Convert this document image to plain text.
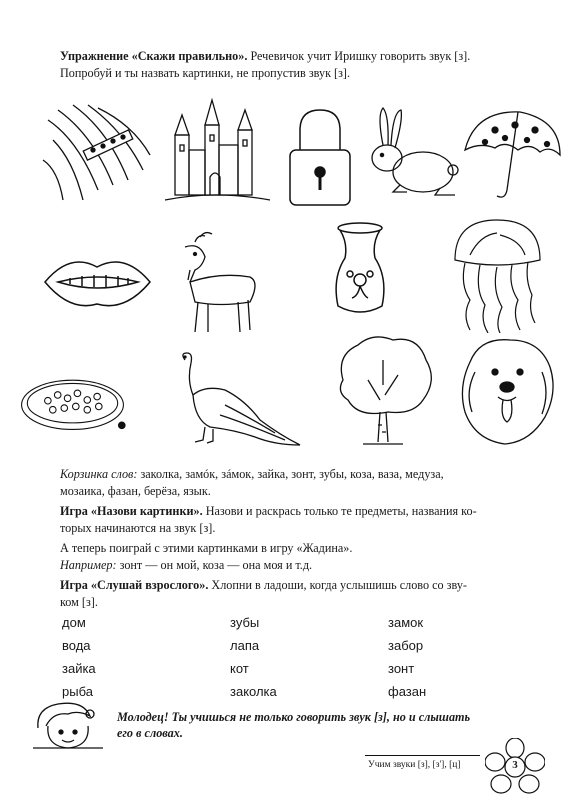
Упражнение «Скажи правильно». Речевичок учит Иришку говорить звук [з].
Попробуй и ты назвать картинки, не пропустив звук [з].
Корзинка слов: заколка, замóк, зáмок, зайка, зонт, зубы, коза, ваза, медуза,
мозаика, фазан, берёза, язык.
Игра «Назови картинки». Назови и раскрась только те предметы, названия ко-
торых начинаются на звук [з].
А теперь поиграй с этими картинками в игру «Жадина».
Например: зонт — он мой, коза — она моя и т.д.
Игра «Слушай взрослого». Хлопни в ладоши, когда услышишь слово со зву-
ком [з].
дом
вода
зайка
рыба
зубы
лапа
кот
заколка
замок
забор
зонт
фазан
Молодец! Ты учишься не только говорить звук [з], но и слышать
его в словах.
Учим звуки [з], [з'], [ц]	3
